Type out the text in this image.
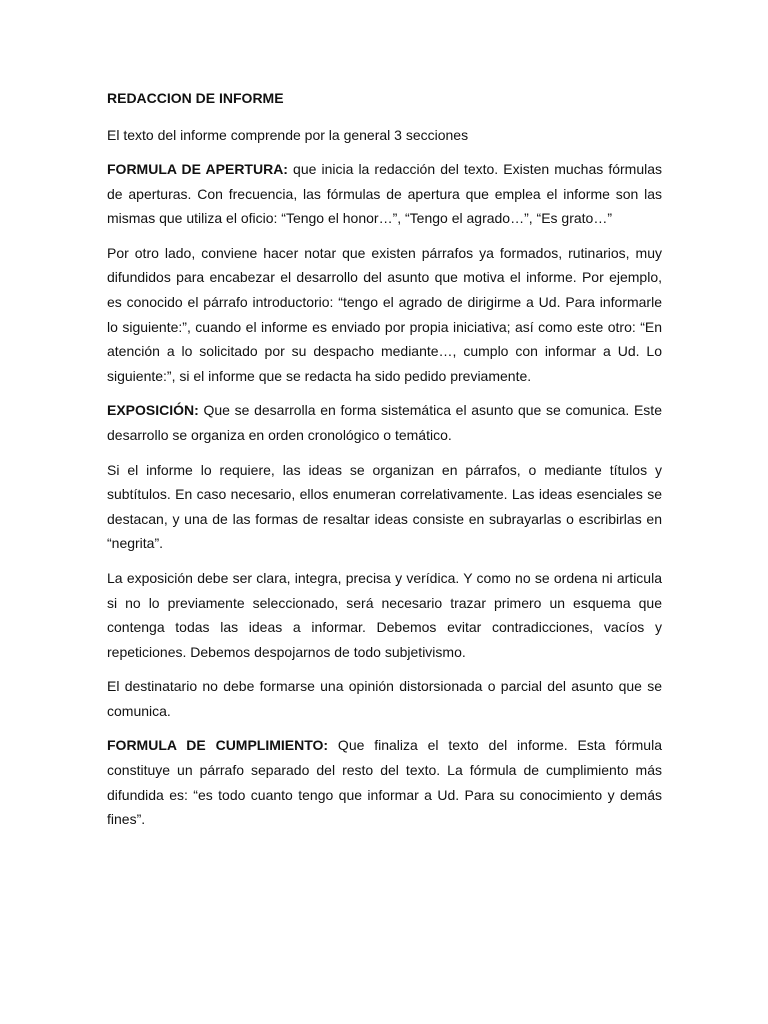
REDACCION DE INFORME

El texto del informe comprende por la general 3 secciones

FORMULA DE APERTURA: que inicia la redacción del texto. Existen muchas fórmulas de aperturas. Con frecuencia, las fórmulas de apertura que emplea el informe son las mismas que utiliza el oficio: “Tengo el honor…”, “Tengo el agrado…”, “Es grato…”

Por otro lado, conviene hacer notar que existen párrafos ya formados, rutinarios, muy difundidos para encabezar el desarrollo del asunto que motiva el informe. Por ejemplo, es conocido el párrafo introductorio: “tengo el agrado de dirigirme a Ud. Para informarle lo siguiente:”, cuando el informe es enviado por propia iniciativa; así como este otro: “En atención a lo solicitado por su despacho mediante…, cumplo con informar a Ud. Lo siguiente:”, si el informe que se redacta ha sido pedido previamente.

EXPOSICIÓN: Que se desarrolla en forma sistemática el asunto que se comunica. Este desarrollo se organiza en orden cronológico o temático.

Si el informe lo requiere, las ideas se organizan en párrafos, o mediante títulos y subtítulos. En caso necesario, ellos enumeran correlativamente. Las ideas esenciales se destacan, y una de las formas de resaltar ideas consiste en subrayarlas o escribirlas en “negrita”.

La exposición debe ser clara, integra, precisa y verídica. Y como no se ordena ni articula si no lo previamente seleccionado, será necesario trazar primero un esquema que contenga todas las ideas a informar. Debemos evitar contradicciones, vacíos y repeticiones. Debemos despojarnos de todo subjetivismo.

El destinatario no debe formarse una opinión distorsionada o parcial del asunto que se comunica.

FORMULA DE CUMPLIMIENTO: Que finaliza el texto del informe. Esta fórmula constituye un párrafo separado del resto del texto. La fórmula de cumplimiento más difundida es: “es todo cuanto tengo que informar a Ud. Para su conocimiento y demás fines”.
